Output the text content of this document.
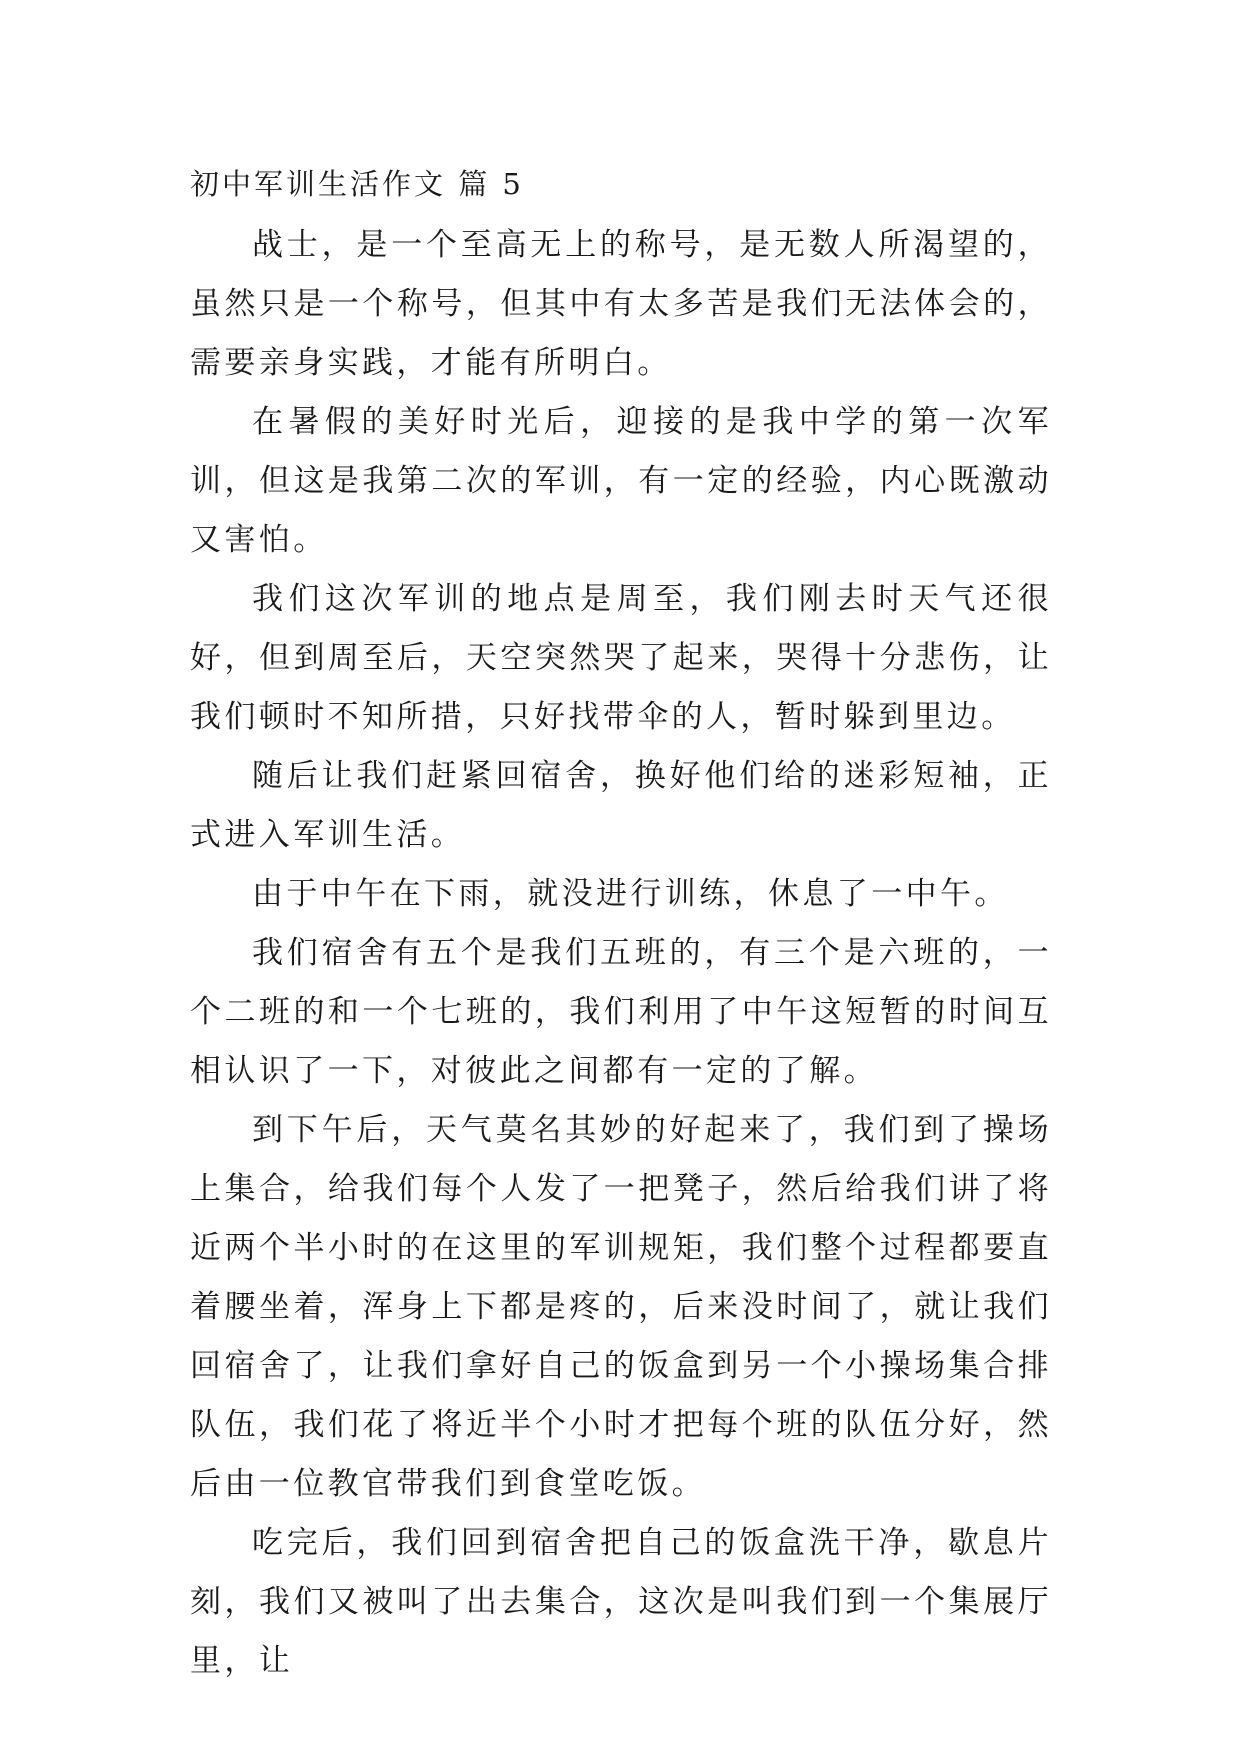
初中军训生活作文 篇 5

战士，是一个至高无上的称号，是无数人所渴望的，虽然只是一个称号，但其中有太多苦是我们无法体会的，需要亲身实践，才能有所明白。

在暑假的美好时光后，迎接的是我中学的第一次军训，但这是我第二次的军训，有一定的经验，内心既激动又害怕。

我们这次军训的地点是周至，我们刚去时天气还很好，但到周至后，天空突然哭了起来，哭得十分悲伤，让我们顿时不知所措，只好找带伞的人，暂时躲到里边。

随后让我们赶紧回宿舍，换好他们给的迷彩短袖，正式进入军训生活。

由于中午在下雨，就没进行训练，休息了一中午。

我们宿舍有五个是我们五班的，有三个是六班的，一个二班的和一个七班的，我们利用了中午这短暂的时间互相认识了一下，对彼此之间都有一定的了解。

到下午后，天气莫名其妙的好起来了，我们到了操场上集合，给我们每个人发了一把凳子，然后给我们讲了将近两个半小时的在这里的军训规矩，我们整个过程都要直着腰坐着，浑身上下都是疼的，后来没时间了，就让我们回宿舍了，让我们拿好自己的饭盒到另一个小操场集合排队伍，我们花了将近半个小时才把每个班的队伍分好，然后由一位教官带我们到食堂吃饭。

吃完后，我们回到宿舍把自己的饭盒洗干净，歇息片刻，我们又被叫了出去集合，这次是叫我们到一个集展厅里，让
